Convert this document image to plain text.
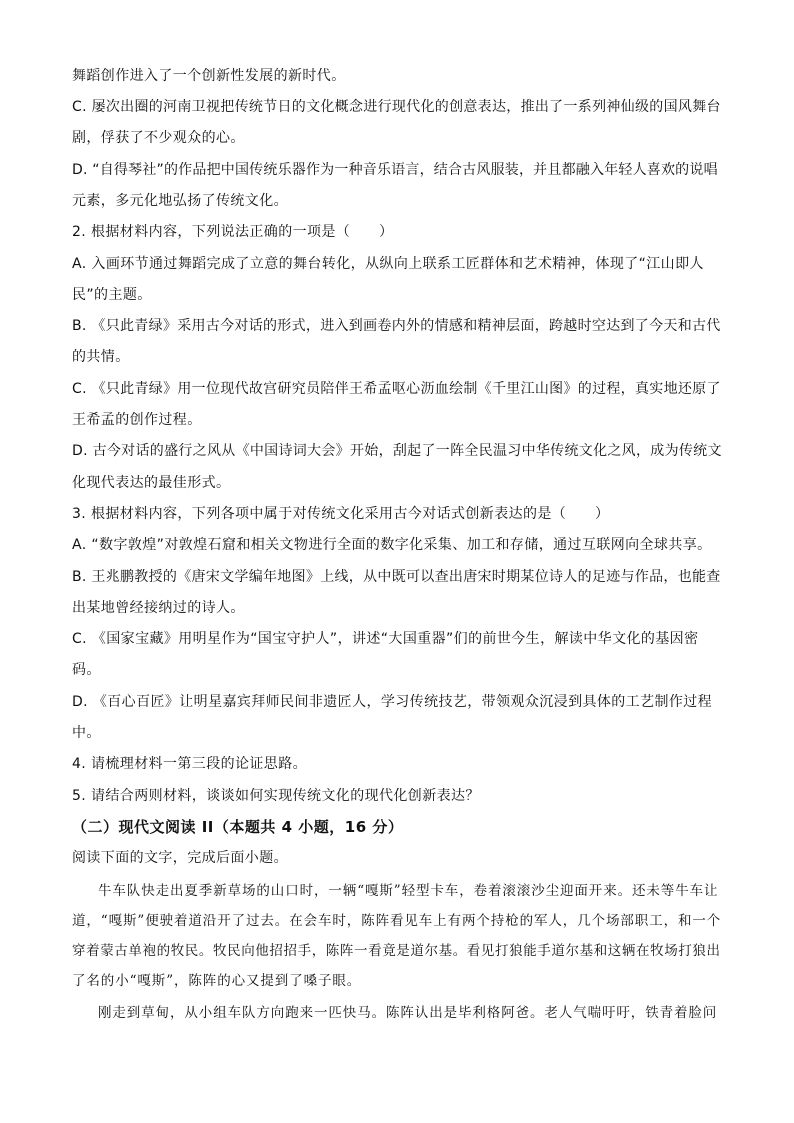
舞蹈创作进入了一个创新性发展的新时代。
C. 屡次出圈的河南卫视把传统节日的文化概念进行现代化的创意表达，推出了一系列神仙级的国风舞台
剧，俘获了不少观众的心。
D. “自得琴社”的作品把中国传统乐器作为一种音乐语言，结合古风服装，并且都融入年轻人喜欢的说唱
元素，多元化地弘扬了传统文化。
2. 根据材料内容，下列说法正确的一项是（　　）
A. 入画环节通过舞蹈完成了立意的舞台转化，从纵向上联系工匠群体和艺术精神，体现了“江山即人
民”的主题。
B. 《只此青绿》采用古今对话的形式，进入到画卷内外的情感和精神层面，跨越时空达到了今天和古代
的共情。
C. 《只此青绿》用一位现代故宫研究员陪伴王希孟呕心沥血绘制《千里江山图》的过程，真实地还原了
王希孟的创作过程。
D. 古今对话的盛行之风从《中国诗词大会》开始，刮起了一阵全民温习中华传统文化之风，成为传统文
化现代表达的最佳形式。
3. 根据材料内容，下列各项中属于对传统文化采用古今对话式创新表达的是（　　）
A. “数字敦煌”对敦煌石窟和相关文物进行全面的数字化采集、加工和存储，通过互联网向全球共享。
B. 王兆鹏教授的《唐宋文学编年地图》上线，从中既可以查出唐宋时期某位诗人的足迹与作品，也能查
出某地曾经接纳过的诗人。
C. 《国家宝藏》用明星作为“国宝守护人”，讲述“大国重器”们的前世今生，解读中华文化的基因密
码。
D. 《百心百匠》让明星嘉宾拜师民间非遗匠人，学习传统技艺，带领观众沉浸到具体的工艺制作过程
中。
4. 请梳理材料一第三段的论证思路。
5. 请结合两则材料，谈谈如何实现传统文化的现代化创新表达？
（二）现代文阅读 II（本题共 4 小题，16 分）
阅读下面的文字，完成后面小题。
牛车队快走出夏季新草场的山口时，一辆“嘎斯”轻型卡车，卷着滚滚沙尘迎面开来。还未等牛车让
道，“嘎斯”便驶着道沿开了过去。在会车时，陈阵看见车上有两个持枪的军人，几个场部职工，和一个
穿着蒙古单袍的牧民。牧民向他招招手，陈阵一看竟是道尔基。看见打狼能手道尔基和这辆在牧场打狼出
了名的小“嘎斯”，陈阵的心又提到了嗓子眼。
刚走到草甸，从小组车队方向跑来一匹快马。陈阵认出是毕利格阿爸。老人气喘吁吁，铁青着脸问
